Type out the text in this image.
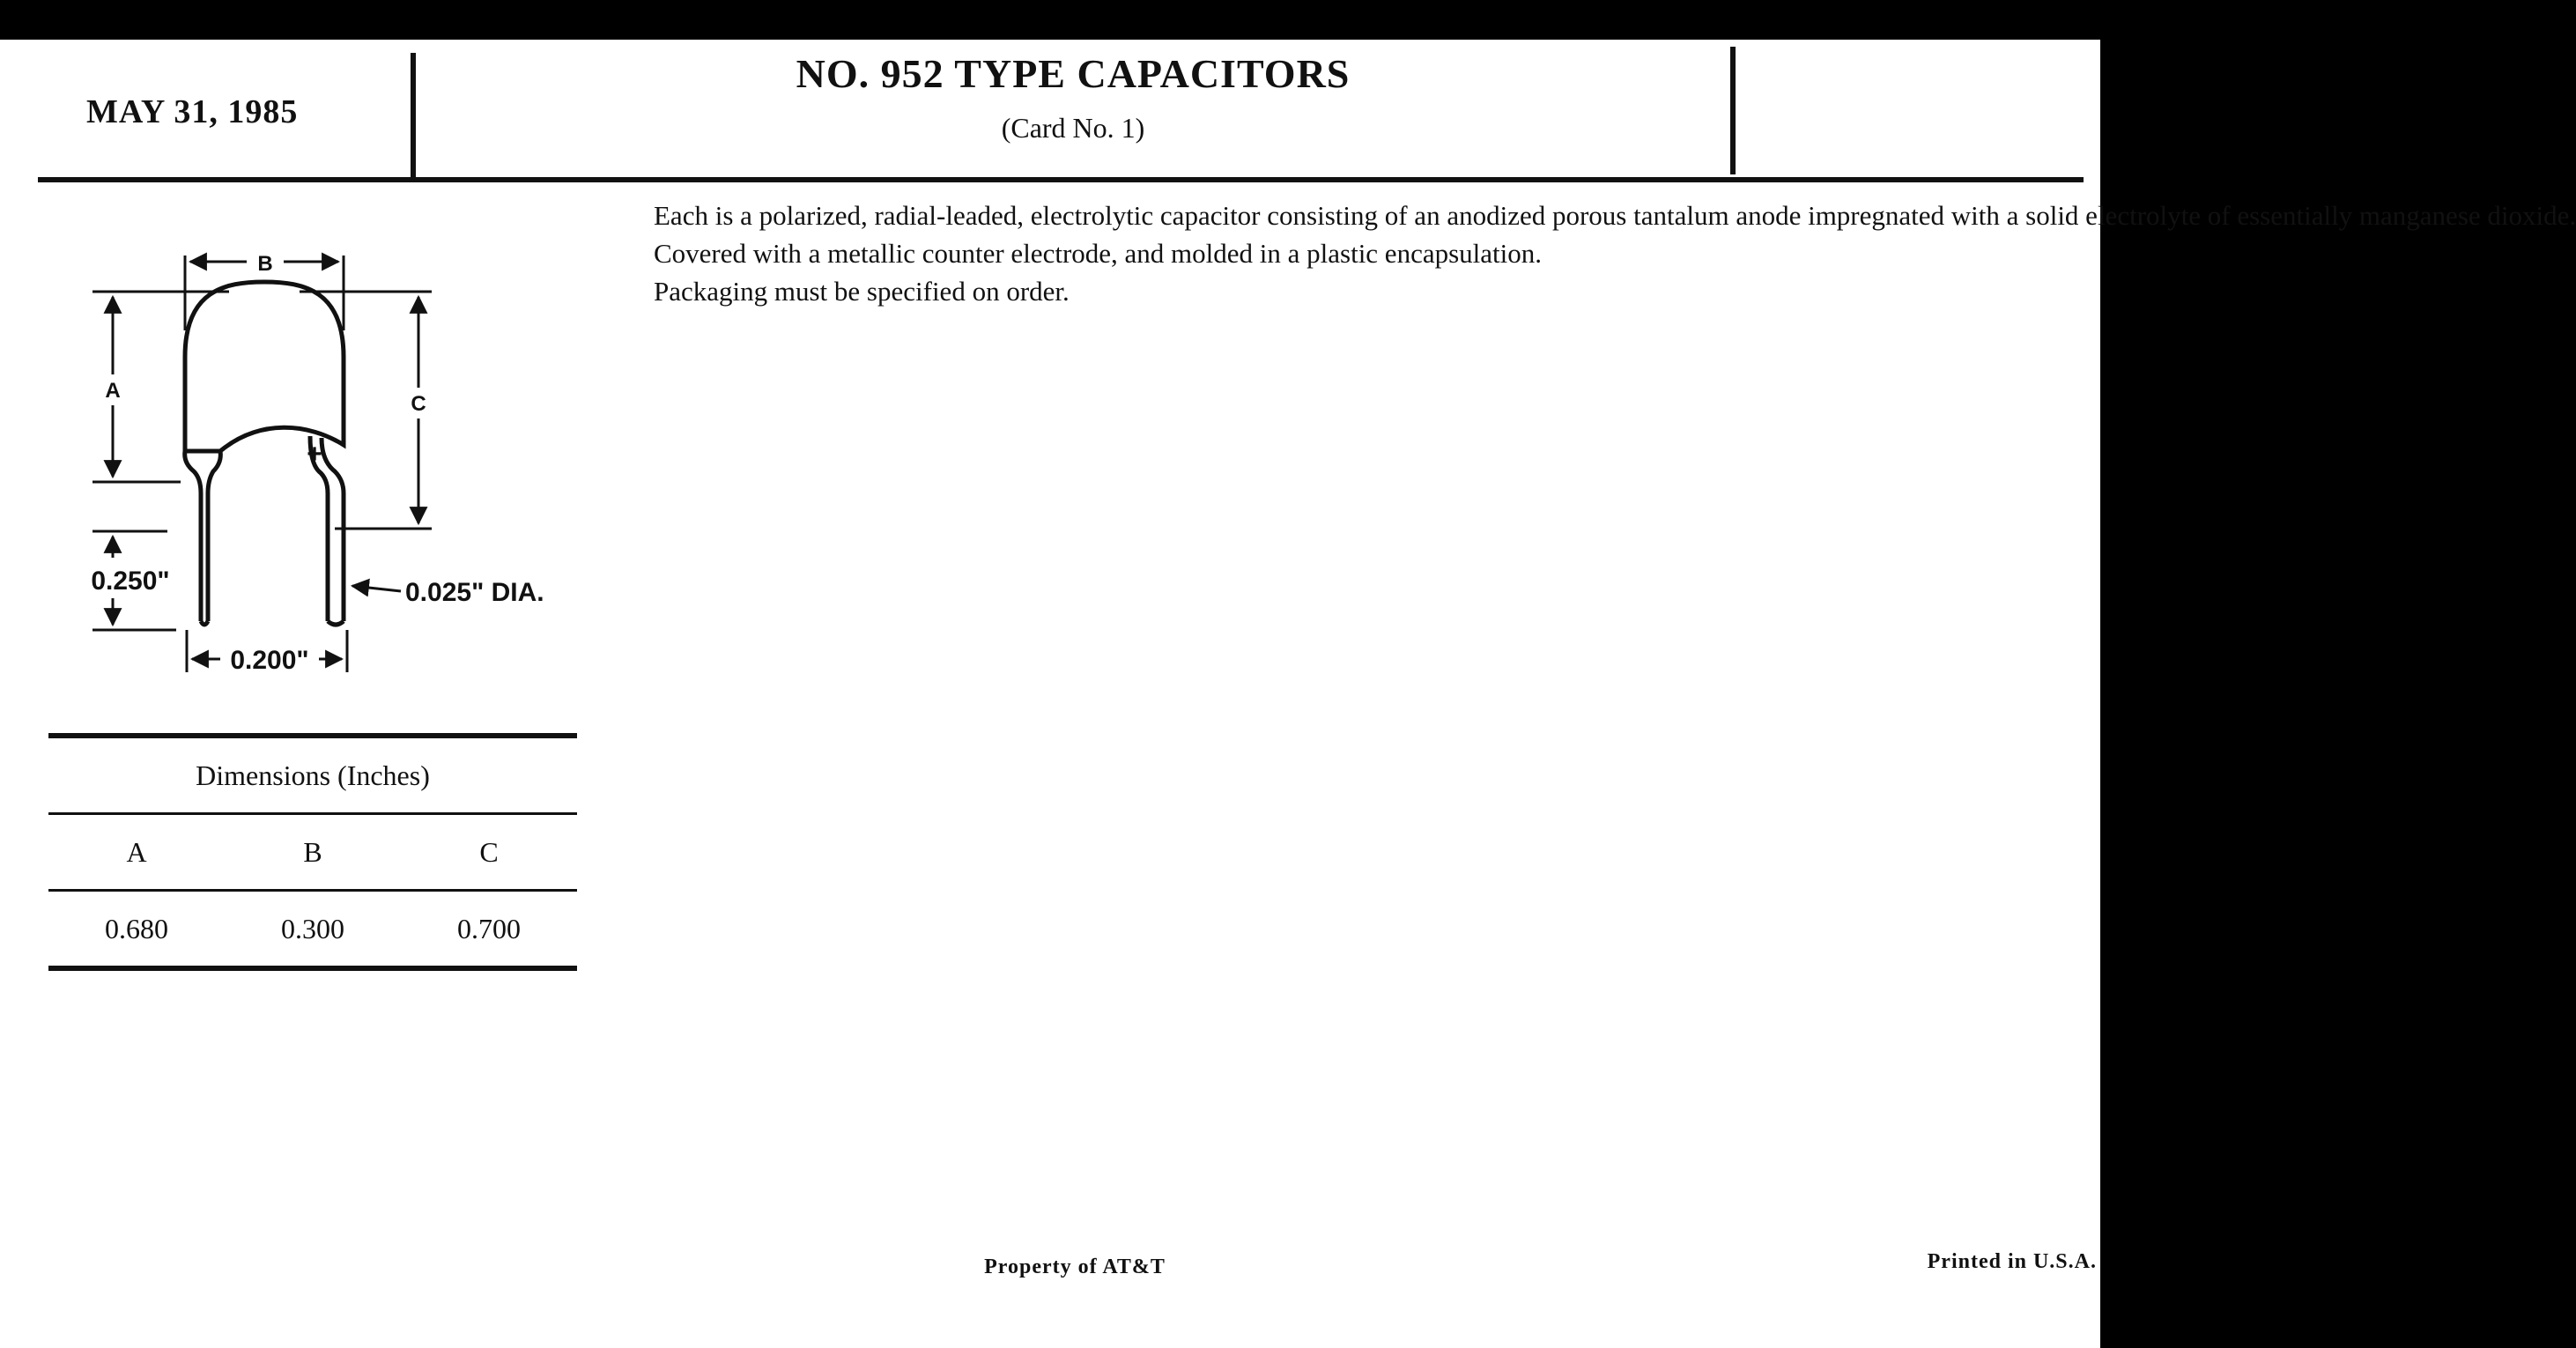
MAY 31, 1985
NO. 952 TYPE CAPACITORS
(Card No. 1)

Each is a polarized, radial-leaded, electrolytic capacitor consisting of an anodized porous tantalum anode impregnated with a solid electrolyte of essentially manganese dioxide.

Covered with a metallic counter electrode, and molded in a plastic encapsulation.

Packaging must be specified on order.

B
A
C
+
0.250"	0.025" DIA.
0.200"
Dimensions (Inches)
A	B	C
0.680	0.300	0.700
Property of AT&T	Printed in U.S.A.
